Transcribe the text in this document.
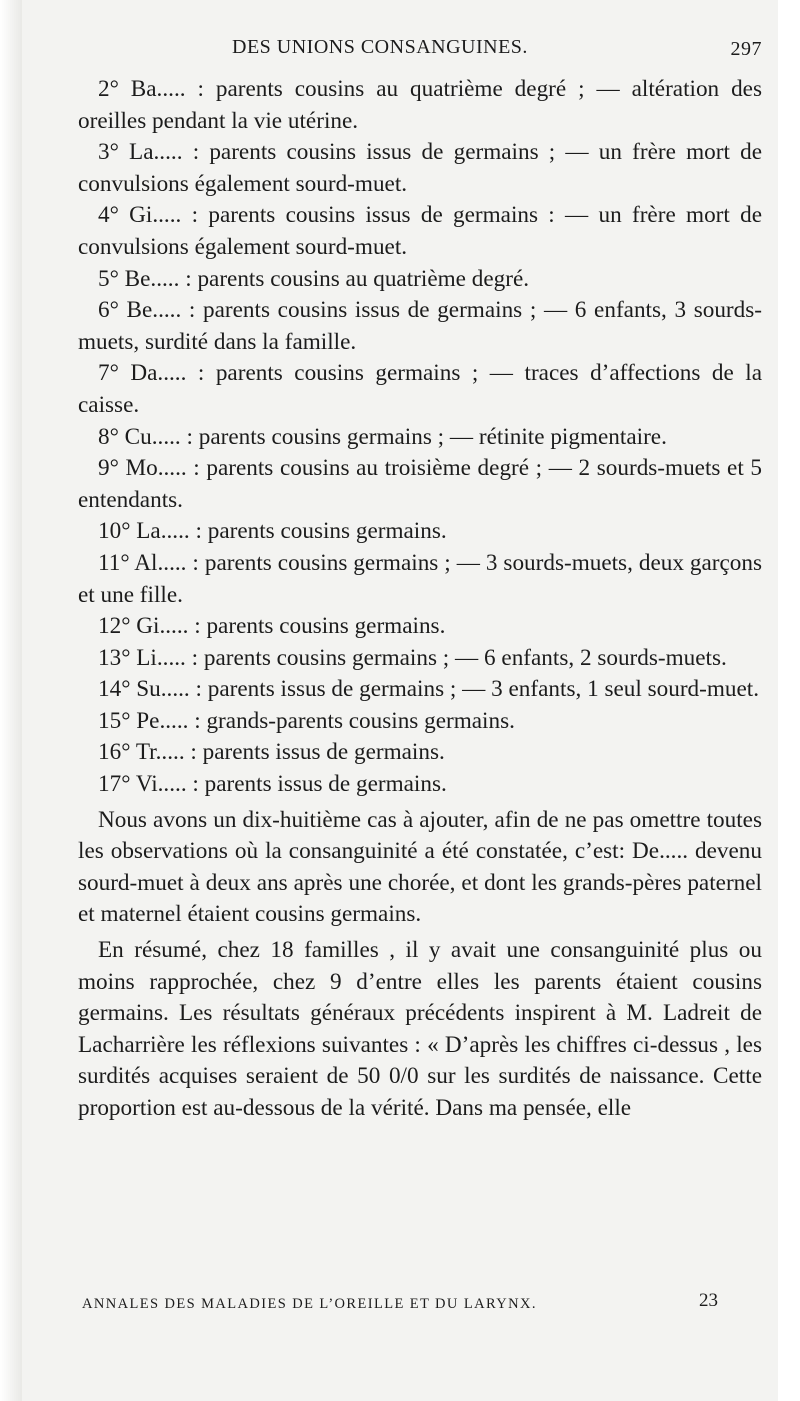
DES UNIONS CONSANGUINES.	297

2° Ba..... : parents cousins au quatrième degré ; — altération des oreilles pendant la vie utérine.

3° La..... : parents cousins issus de germains ; — un frère mort de convulsions également sourd-muet.

4° Gi..... : parents cousins issus de germains : — un frère mort de convulsions également sourd-muet.

5° Be..... : parents cousins au quatrième degré.

6° Be..... : parents cousins issus de germains ; — 6 enfants, 3 sourds-muets, surdité dans la famille.

7° Da..... : parents cousins germains ; — traces d’affections de la caisse.

8° Cu..... : parents cousins germains ; — rétinite pigmentaire.

9° Mo..... : parents cousins au troisième degré ; — 2 sourds-muets et 5 entendants.

10° La..... : parents cousins germains.

11° Al..... : parents cousins germains ; — 3 sourds-muets, deux garçons et une fille.

12° Gi..... : parents cousins germains.

13° Li..... : parents cousins germains ; — 6 enfants, 2 sourds-muets.

14° Su..... : parents issus de germains ; — 3 enfants, 1 seul sourd-muet.

15° Pe..... : grands-parents cousins germains.

16° Tr..... : parents issus de germains.

17° Vi..... : parents issus de germains.

Nous avons un dix-huitième cas à ajouter, afin de ne pas omettre toutes les observations où la consanguinité a été constatée, c’est: De..... devenu sourd-muet à deux ans après une chorée, et dont les grands-pères paternel et maternel étaient cousins germains.

En résumé, chez 18 familles , il y avait une consanguinité plus ou moins rapprochée, chez 9 d’entre elles les parents étaient cousins germains. Les résultats généraux précédents inspirent à M. Ladreit de Lacharrière les réflexions suivantes : « D’après les chiffres ci-dessus , les surdités acquises seraient de 50 0/0 sur les surdités de naissance. Cette proportion est au-dessous de la vérité. Dans ma pensée, elle

ANNALES DES MALADIES DE L’OREILLE ET DU LARYNX.	23
